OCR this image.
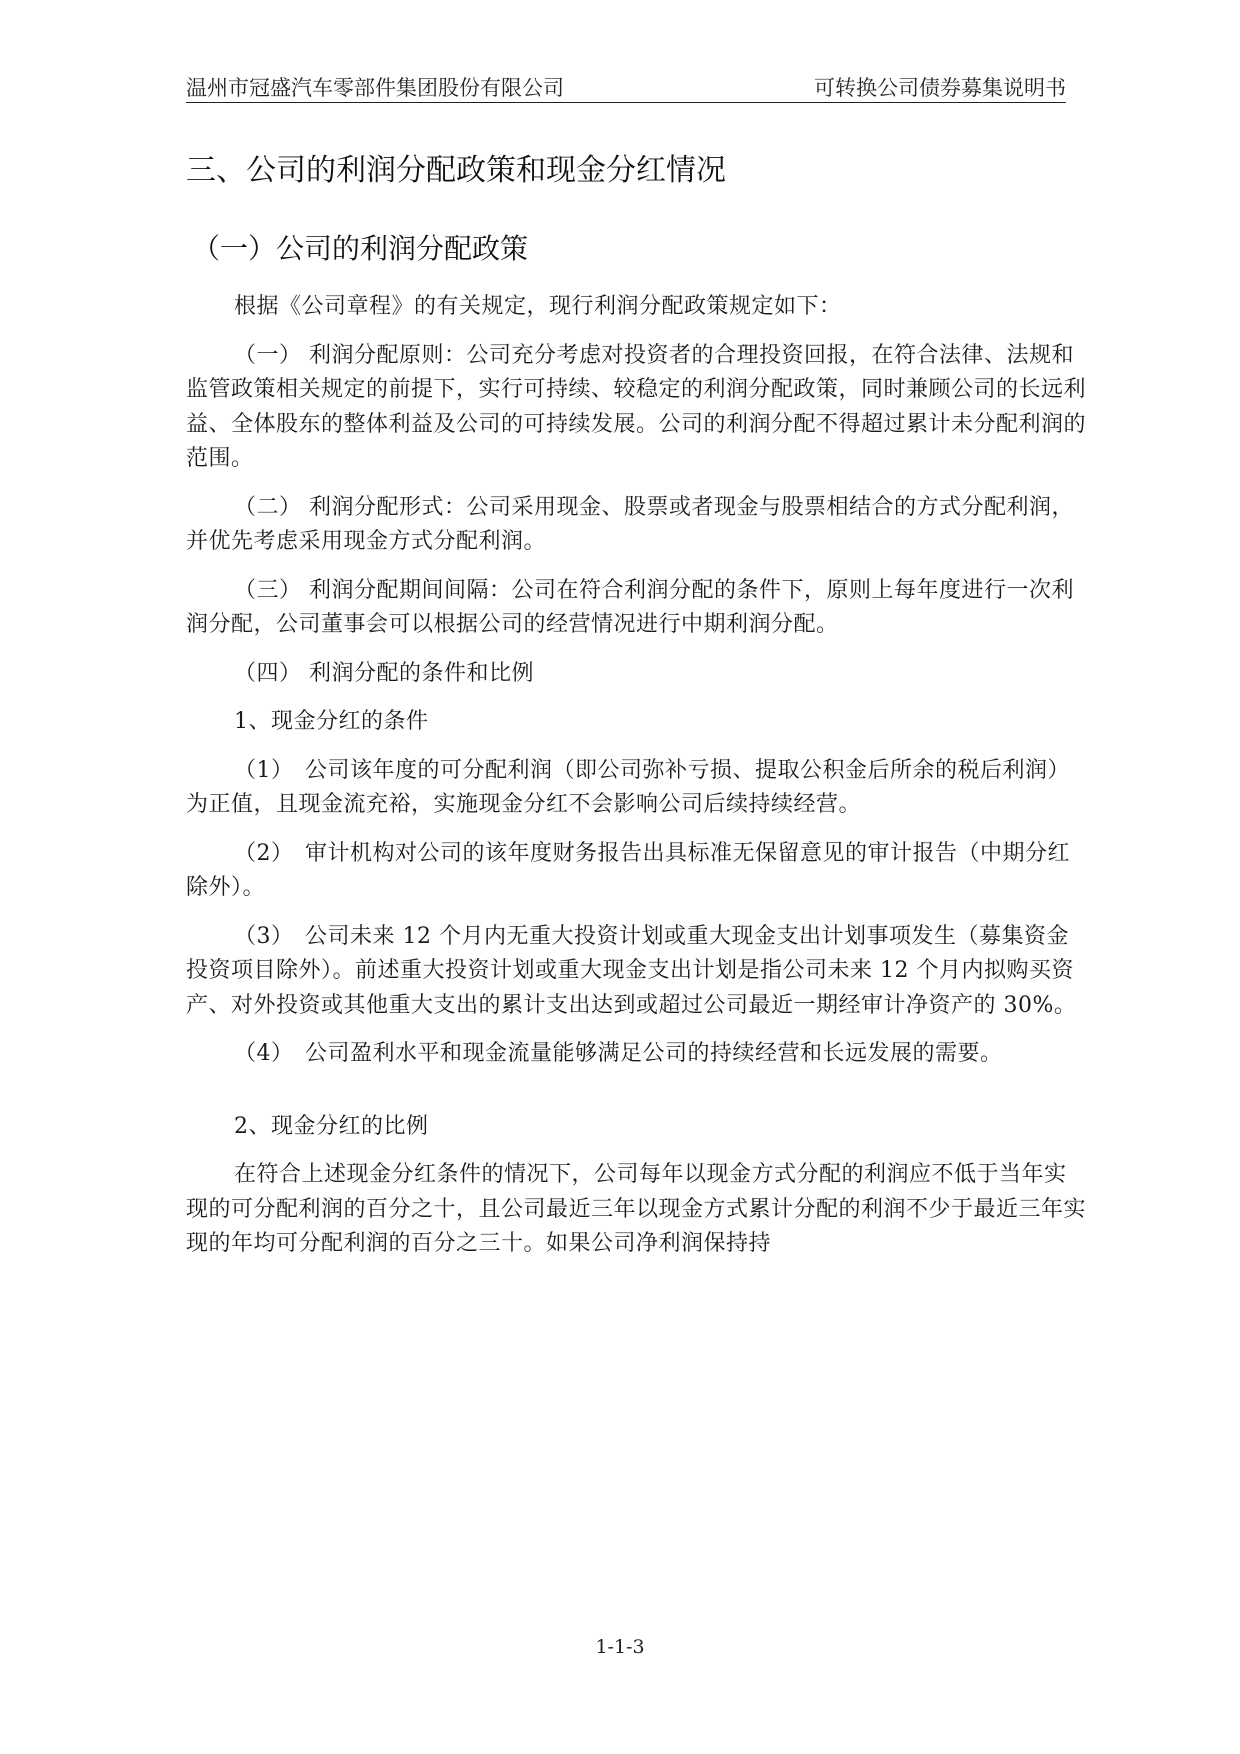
温州市冠盛汽车零部件集团股份有限公司	可转换公司债券募集说明书
三、公司的利润分配政策和现金分红情况
（一）公司的利润分配政策

根据《公司章程》的有关规定，现行利润分配政策规定如下：

（一） 利润分配原则：公司充分考虑对投资者的合理投资回报，在符合法律、法规和监管政策相关规定的前提下，实行可持续、较稳定的利润分配政策，同时兼顾公司的长远利益、全体股东的整体利益及公司的可持续发展。公司的利润分配不得超过累计未分配利润的范围。

（二） 利润分配形式：公司采用现金、股票或者现金与股票相结合的方式分配利润，并优先考虑采用现金方式分配利润。

（三） 利润分配期间间隔：公司在符合利润分配的条件下，原则上每年度进行一次利润分配，公司董事会可以根据公司的经营情况进行中期利润分配。

（四） 利润分配的条件和比例

1、现金分红的条件

（1）　公司该年度的可分配利润（即公司弥补亏损、提取公积金后所余的税后利润）为正值，且现金流充裕，实施现金分红不会影响公司后续持续经营。

（2）　审计机构对公司的该年度财务报告出具标准无保留意见的审计报告（中期分红除外）。

（3）　公司未来 12 个月内无重大投资计划或重大现金支出计划事项发生（募集资金投资项目除外）。前述重大投资计划或重大现金支出计划是指公司未来 12 个月内拟购买资产、对外投资或其他重大支出的累计支出达到或超过公司最近一期经审计净资产的 30%。

（4）　公司盈利水平和现金流量能够满足公司的持续经营和长远发展的需要。

2、现金分红的比例

在符合上述现金分红条件的情况下，公司每年以现金方式分配的利润应不低于当年实现的可分配利润的百分之十，且公司最近三年以现金方式累计分配的利润不少于最近三年实现的年均可分配利润的百分之三十。如果公司净利润保持持

1-1-3
